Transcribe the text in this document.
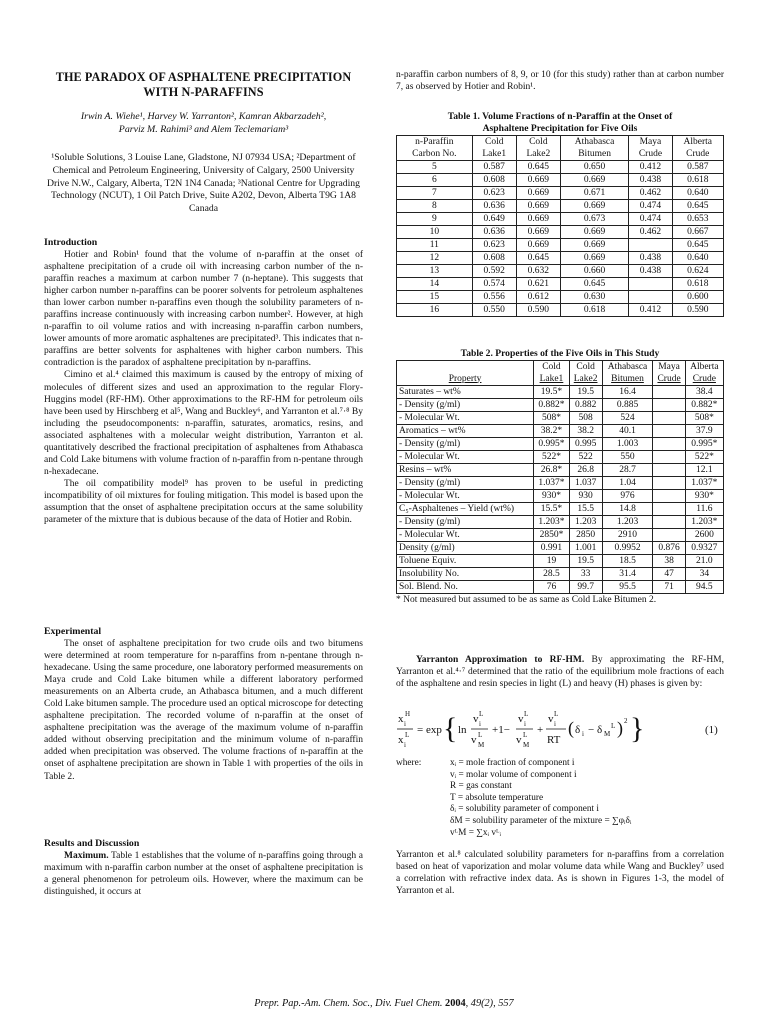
THE PARADOX OF ASPHALTENE PRECIPITATION WITH N-PARAFFINS
Irwin A. Wiehe¹, Harvey W. Yarranton², Kamran Akbarzadeh²,
Parviz M. Rahimi³ and Alem Teclemariam³
¹Soluble Solutions, 3 Louise Lane, Gladstone, NJ 07934 USA; ²Department of Chemical and Petroleum Engineering, University of Calgary, 2500 University Drive N.W., Calgary, Alberta, T2N 1N4 Canada; ³National Centre for Upgrading Technology (NCUT), 1 Oil Patch Drive, Suite A202, Devon, Alberta T9G 1A8 Canada
Introduction

Hotier and Robin¹ found that the volume of n-paraffin at the onset of asphaltene precipitation of a crude oil with increasing carbon number of the n-paraffin reaches a maximum at carbon number 7 (n-heptane). This suggests that higher carbon number n-paraffins can be poorer solvents for petroleum asphaltenes than lower carbon number n-paraffins even though the solubility parameters of n-paraffins increase continuously with increasing carbon number². However, at high n-paraffin to oil volume ratios and with increasing n-paraffin carbon numbers, lower amounts of more aromatic asphaltenes are precipitated³. This indicates that n-paraffins are better solvents for asphaltenes with higher carbon numbers. This contradiction is the paradox of asphaltene precipitation by n-paraffins.

Cimino et al.⁴ claimed this maximum is caused by the entropy of mixing of molecules of different sizes and used an approximation to the regular Flory-Huggins model (RF-HM). Other approximations to the RF-HM for petroleum oils have been used by Hirschberg et al⁵, Wang and Buckley⁶, and Yarranton et al.⁷·⁸ By including the pseudocomponents: n-paraffin, saturates, aromatics, resins, and associated asphaltenes with a molecular weight distribution, Yarranton et al. quantitatively described the fractional precipitation of asphaltenes from Athabasca and Cold Lake bitumens with volume fraction of n-paraffin from n-pentane through n-hexadecane.

The oil compatibility model⁹ has proven to be useful in predicting incompatibility of oil mixtures for fouling mitigation. This model is based upon the assumption that the onset of asphaltene precipitation occurs at the same solubility parameter of the mixture that is dubious because of the data of Hotier and Robin.

Experimental

The onset of asphaltene precipitation for two crude oils and two bitumens were determined at room temperature for n-paraffins from n-pentane through n-hexadecane. Using the same procedure, one laboratory performed measurements on Maya crude and Cold Lake bitumen while a different laboratory performed measurements on an Alberta crude, an Athabasca bitumen, and a much different Cold Lake bitumen sample. The procedure used an optical microscope for detecting asphaltene precipitation. The recorded volume of n-paraffin at the onset of asphaltene precipitation was the average of the maximum volume of n-paraffin added without observing precipitation and the minimum volume of n-paraffin added when precipitation was observed. The volume fractions of n-paraffin at the onset of asphaltene precipitation are shown in Table 1 with properties of the oils in Table 2.

Results and Discussion

Maximum. Table 1 establishes that the volume of n-paraffins going through a maximum with n-paraffin carbon number at the onset of asphaltene precipitation is a general phenomenon for petroleum oils. However, where the maximum can be distinguished, it occurs at

n-paraffin carbon numbers of 8, 9, or 10 (for this study) rather than at carbon number 7, as observed by Hotier and Robin¹.

Table 1. Volume Fractions of n-Paraffin at the Onset of

Asphaltene Precipitation for Five Oils

n-Paraffin	Cold	Cold	Athabasca	Maya	Alberta
Carbon No.	Lake1	Lake2	Bitumen	Crude	Crude
5	0.587	0.645	0.650	0.412	0.587
6	0.608	0.669	0.669	0.438	0.618
7	0.623	0.669	0.671	0.462	0.640
8	0.636	0.669	0.669	0.474	0.645
9	0.649	0.669	0.673	0.474	0.653
10	0.636	0.669	0.669	0.462	0.667
11	0.623	0.669	0.669		0.645
12	0.608	0.645	0.669	0.438	0.640
13	0.592	0.632	0.660	0.438	0.624
14	0.574	0.621	0.645		0.618
15	0.556	0.612	0.630		0.600
16	0.550	0.590	0.618	0.412	0.590

Table 2. Properties of the Five Oils in This Study

	Cold	Cold	Athabasca	Maya	Alberta
Property	Lake1	Lake2	Bitumen	Crude	Crude
Saturates – wt%	19.5*	19.5	16.4		38.4
- Density (g/ml)	0.882*	0.882	0.885		0.882*
- Molecular Wt.	508*	508	524		508*
Aromatics – wt%	38.2*	38.2	40.1		37.9
- Density (g/ml)	0.995*	0.995	1.003		0.995*
- Molecular Wt.	522*	522	550		522*
Resins – wt%	26.8*	26.8	28.7		12.1
- Density (g/ml)	1.037*	1.037	1.04		1.037*
- Molecular Wt.	930*	930	976		930*
C₅-Asphaltenes – Yield (wt%)	15.5*	15.5	14.8		11.6
- Density (g/ml)	1.203*	1.203	1.203		1.203*
- Molecular Wt.	2850*	2850	2910		2600
Density (g/ml)	0.991	1.001	0.9952	0.876	0.9327
Toluene Equiv.	19	19.5	18.5	38	21.0
Insolubility No.	28.5	33	31.4	47	34
Sol. Blend. No.	76	99.7	95.5	71	94.5

* Not measured but assumed to be as same as Cold Lake Bitumen 2.

Yarranton Approximation to RF-HM. By approximating the RF-HM, Yarranton et al.⁴·⁷ determined that the ratio of the equilibrium mole fractions of each of the asphaltene and resin species in light (L) and heavy (H) phases is given by:

x H
i
x L
i
= exp { ln
v L
i
v L
M
+1−
v L
i
v L
M
+
v L
i
RT
( δ i − δ M
L ) 2 }	(1)
where:	xᵢ = mole fraction of component i
vᵢ = molar volume of component i
R = gas constant
T = absolute temperature
δᵢ = solubility parameter of component i
δM = solubility parameter of the mixture = ∑φᵢδᵢ
vᴸM = ∑xᵢ vᴸᵢ

Yarranton et al.⁸ calculated solubility parameters for n-paraffins from a correlation based on heat of vaporization and molar volume data while Wang and Buckley⁷ used a correlation with refractive index data. As is shown in Figures 1-3, the model of Yarranton et al.

Prepr. Pap.-Am. Chem. Soc., Div. Fuel Chem. 2004, 49(2), 557
